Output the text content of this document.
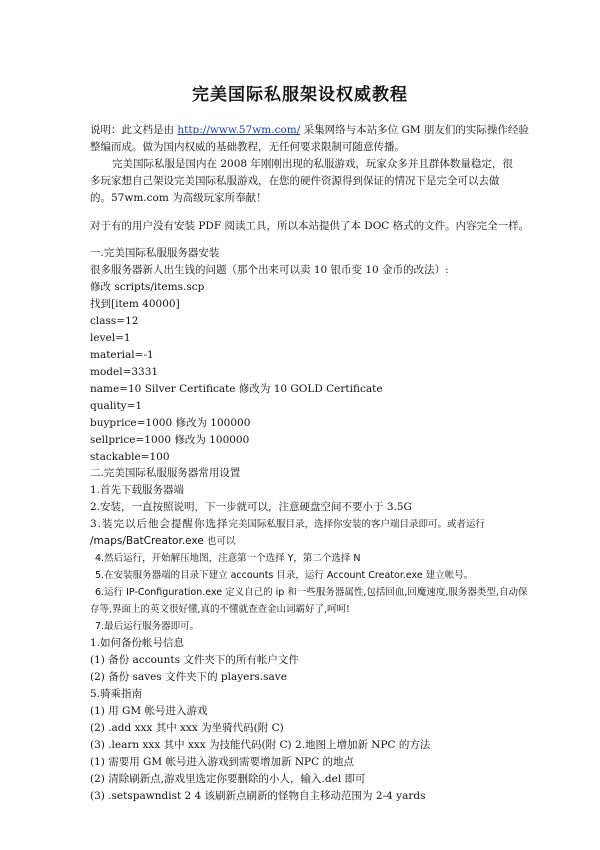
完美国际私服架设权威教程
说明：此文档是由 http://www.57wm.com/ 采集网络与本站多位 GM 朋友们的实际操作经验
整编而成。做为国内权威的基础教程，无任何要求限制可随意传播。
完美国际私服是国内在 2008 年刚刚出现的私服游戏，玩家众多并且群体数量稳定，很
多玩家想自己架设完美国际私服游戏，在您的硬件资源得到保证的情况下是完全可以去做
的。57wm.com 为高级玩家所奉献！
对于有的用户没有安装 PDF 阅读工具，所以本站提供了本 DOC 格式的文件。内容完全一样。
一.完美国际私服服务器安装
很多服务器新人出生钱的问题（那个出来可以卖 10 银币变 10 金币的改法）:
修改 scripts/items.scp
找到[item 40000]
class=12
level=1
material=-1
model=3331
name=10 Silver Certificate 修改为 10 GOLD Certificate
quality=1
buyprice=1000 修改为 100000
sellprice=1000 修改为 100000
stackable=100
二.完美国际私服服务器常用设置
1.首先下载服务器端
2.安装，一直按照说明，下一步就可以，注意硬盘空间不要小于 3.5G
3.装完以后他会提醒你选择完美国际私服目录，选择你安装的客户端目录即可。或者运行
/maps/BatCreator.exe 也可以
4.然后运行，开始解压地图，注意第一个选择 Y，第二个选择 N
5.在安装服务器端的目录下建立 accounts 目录，运行 Account Creator.exe 建立帐号。
6.运行 IP-Configuration.exe 定义自己的 ip 和一些服务器属性,包括回血,回魔速度,服务器类型,自动保
存等,界面上的英文很好懂,真的不懂就查查金山词霸好了,呵呵!
7.最后运行服务器即可。
1.如何备份帐号信息
(1) 备份 accounts 文件夹下的所有帐户文件
(2) 备份 saves 文件夹下的 players.save
5.骑乘指南
(1) 用 GM 帐号进入游戏
(2) .add xxx 其中 xxx 为坐骑代码(附 C)
(3) .learn xxx 其中 xxx 为技能代码(附 C) 2.地图上增加新 NPC 的方法
(1) 需要用 GM 帐号进入游戏到需要增加新 NPC 的地点
(2) 清除刷新点,游戏里选定你要删除的小人，输入.del 即可
(3) .setspawndist 2 4 该刷新点刷新的怪物自主移动范围为 2-4 yards
